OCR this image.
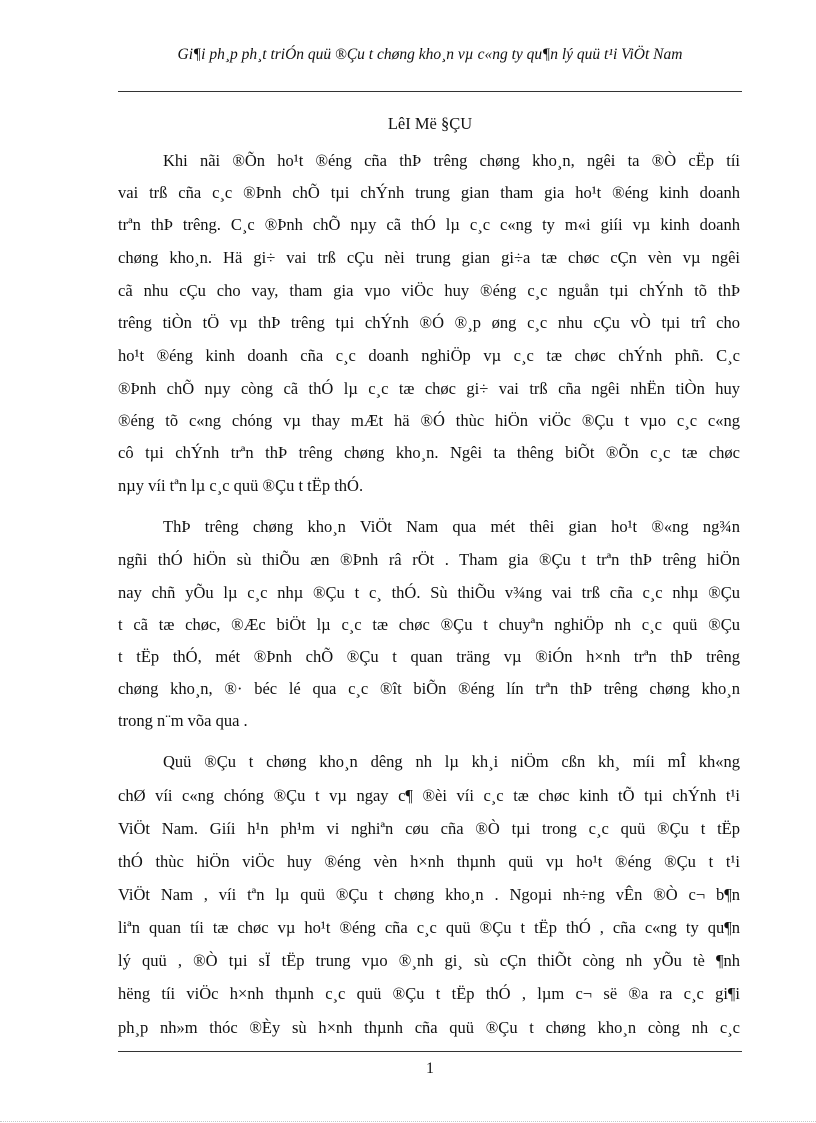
Gi¶i ph¸p ph¸t triÓn quü ®Çu t chøng kho¸n vµ c«ng ty qu¶n lý quü t¹i ViÖt Nam
LêI Më §ÇU
Khi nãi ®Õn ho¹t ®éng cña thÞ trêng chøng kho¸n, ngêi ta ®Ò cËp tíi
vai trß cña c¸c ®Þnh chÕ tµi chÝnh trung gian tham gia ho¹t ®éng kinh doanh
trªn thÞ trêng. C¸c ®Þnh chÕ nµy cã thÓ lµ c¸c c«ng ty m«i giíi vµ kinh doanh
chøng kho¸n. Hä gi÷ vai trß cÇu nèi trung gian gi÷a tæ chøc cÇn vèn vµ ngêi
cã nhu cÇu cho vay, tham gia vµo viÖc huy ®éng c¸c nguån tµi chÝnh tõ thÞ
trêng tiÒn tÖ vµ thÞ trêng tµi chÝnh ®Ó ®¸p øng c¸c nhu cÇu vÒ tµi trî cho
ho¹t ®éng kinh doanh cña c¸c doanh nghiÖp vµ c¸c tæ chøc chÝnh phñ. C¸c
®Þnh chÕ nµy còng cã thÓ lµ c¸c tæ chøc gi÷ vai trß cña ngêi nhËn tiÒn huy
®éng tõ c«ng chóng vµ thay mÆt hä ®Ó thùc hiÖn viÖc ®Çu t vµo c¸c c«ng
cô tµi chÝnh trªn thÞ trêng chøng kho¸n. Ngêi ta thêng biÕt ®Õn c¸c tæ chøc
nµy víi tªn lµ c¸c quü ®Çu t tËp thÓ.
ThÞ trêng chøng kho¸n ViÖt Nam qua mét thêi gian ho¹t ®«ng ng¾n
ngñi thÓ hiÖn sù thiÕu æn ®Þnh râ rÖt . Tham gia ®Çu t trªn thÞ trêng hiÖn
nay chñ yÕu lµ c¸c nhµ ®Çu t c¸ thÓ. Sù thiÕu v¾ng vai trß cña c¸c nhµ ®Çu
t cã tæ chøc, ®Æc biÖt lµ c¸c tæ chøc ®Çu t chuyªn nghiÖp nh c¸c quü ®Çu
t tËp thÓ, mét ®Þnh chÕ ®Çu t quan träng vµ ®iÓn h×nh trªn thÞ trêng
chøng kho¸n, ®· béc lé qua c¸c ®ît biÕn ®éng lín trªn thÞ trêng chøng kho¸n
trong n¨m võa qua .
Quü ®Çu t chøng kho¸n dêng nh lµ kh¸i niÖm cßn kh¸ míi mÎ kh«ng
chØ víi c«ng chóng ®Çu t vµ ngay c¶ ®èi víi c¸c tæ chøc kinh tÕ tµi chÝnh t¹i
ViÖt Nam. Giíi h¹n ph¹m vi nghiªn cøu cña ®Ò tµi trong c¸c quü ®Çu t tËp
thÓ thùc hiÖn viÖc huy ®éng vèn h×nh thµnh quü vµ ho¹t ®éng ®Çu t t¹i
ViÖt Nam , víi tªn lµ quü ®Çu t chøng kho¸n . Ngoµi nh÷ng vÊn ®Ò c¬ b¶n
liªn quan tíi tæ chøc vµ ho¹t ®éng cña c¸c quü ®Çu t tËp thÓ , cña c«ng ty qu¶n
lý quü , ®Ò tµi sÏ tËp trung vµo ®¸nh gi¸ sù cÇn thiÕt còng nh yÕu tè ¶nh
hëng tíi viÖc h×nh thµnh c¸c quü ®Çu t tËp thÓ , lµm c¬ së ®a ra c¸c gi¶i
ph¸p nh»m thóc ®Èy sù h×nh thµnh cña quü ®Çu t chøng kho¸n còng nh c¸c
1
